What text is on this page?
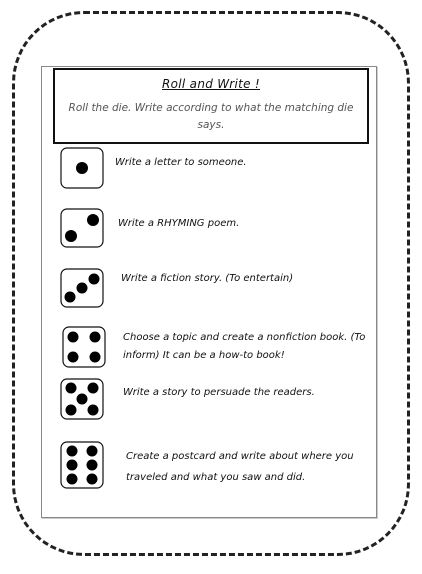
Roll and Write !
Roll the die. Write according to what the matching die says.
Write a letter to someone.
Write a RHYMING poem.
Write a fiction story. (To entertain)
Choose a topic and create a nonfiction book. (To inform) It can be a how-to book!
Write a story to persuade the readers.
Create a postcard and write about where you traveled and what you saw and did.
